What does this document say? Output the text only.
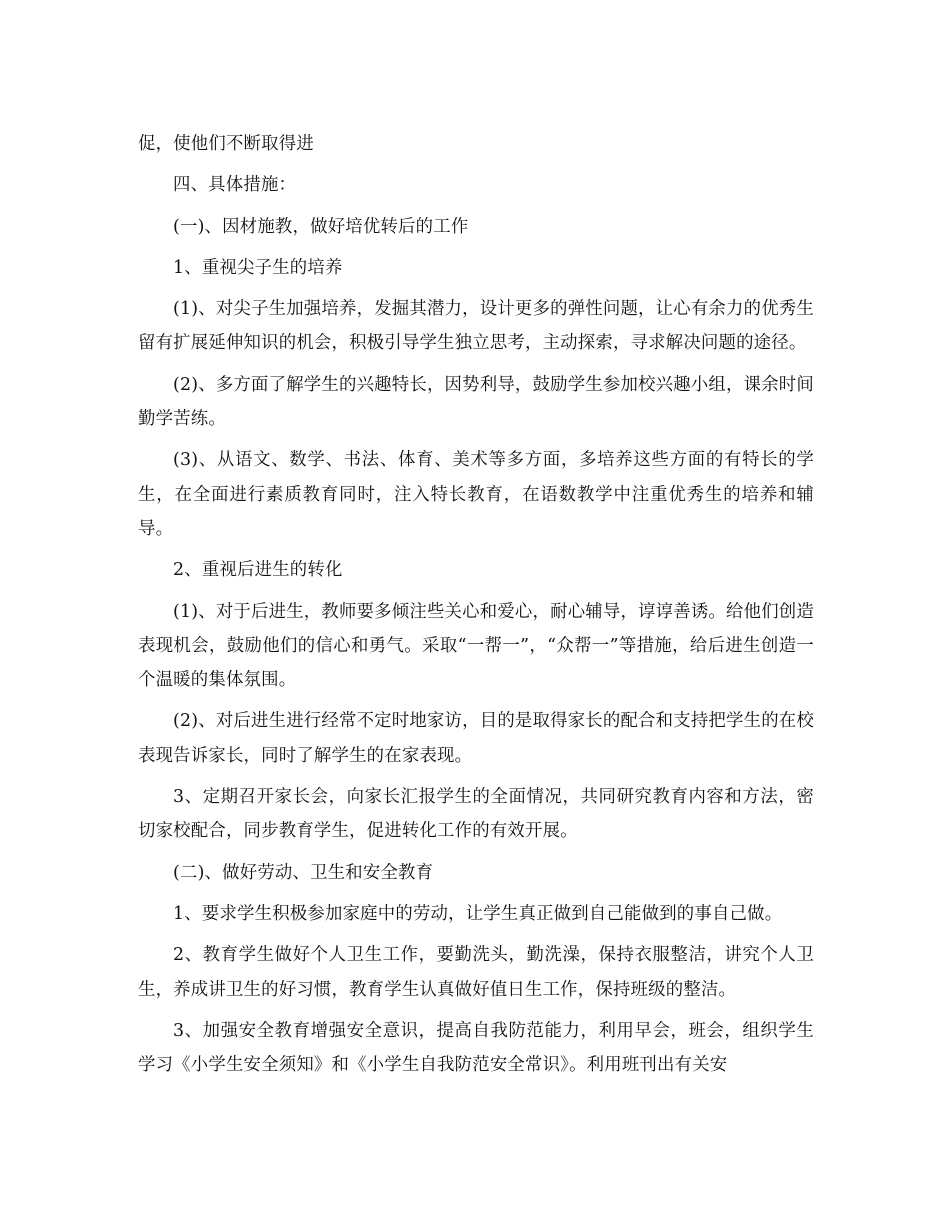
促，使他们不断取得进

四、具体措施：

(一)、因材施教，做好培优转后的工作

1、重视尖子生的培养

(1)、对尖子生加强培养，发掘其潜力，设计更多的弹性问题，让心有余力的优秀生留有扩展延伸知识的机会，积极引导学生独立思考，主动探索，寻求解决问题的途径。

(2)、多方面了解学生的兴趣特长，因势利导，鼓励学生参加校兴趣小组，课余时间勤学苦练。

(3)、从语文、数学、书法、体育、美术等多方面，多培养这些方面的有特长的学生，在全面进行素质教育同时，注入特长教育，在语数教学中注重优秀生的培养和辅导。

2、重视后进生的转化

(1)、对于后进生，教师要多倾注些关心和爱心，耐心辅导，谆谆善诱。给他们创造表现机会，鼓励他们的信心和勇气。采取“一帮一”，“众帮一”等措施，给后进生创造一个温暖的集体氛围。

(2)、对后进生进行经常不定时地家访，目的是取得家长的配合和支持把学生的在校表现告诉家长，同时了解学生的在家表现。

3、定期召开家长会，向家长汇报学生的全面情况，共同研究教育内容和方法，密切家校配合，同步教育学生，促进转化工作的有效开展。

(二)、做好劳动、卫生和安全教育

1、要求学生积极参加家庭中的劳动，让学生真正做到自己能做到的事自己做。

2、教育学生做好个人卫生工作，要勤洗头，勤洗澡，保持衣服整洁，讲究个人卫生，养成讲卫生的好习惯，教育学生认真做好值日生工作，保持班级的整洁。

3、加强安全教育增强安全意识，提高自我防范能力，利用早会，班会，组织学生学习《小学生安全须知》和《小学生自我防范安全常识》。利用班刊出有关安
